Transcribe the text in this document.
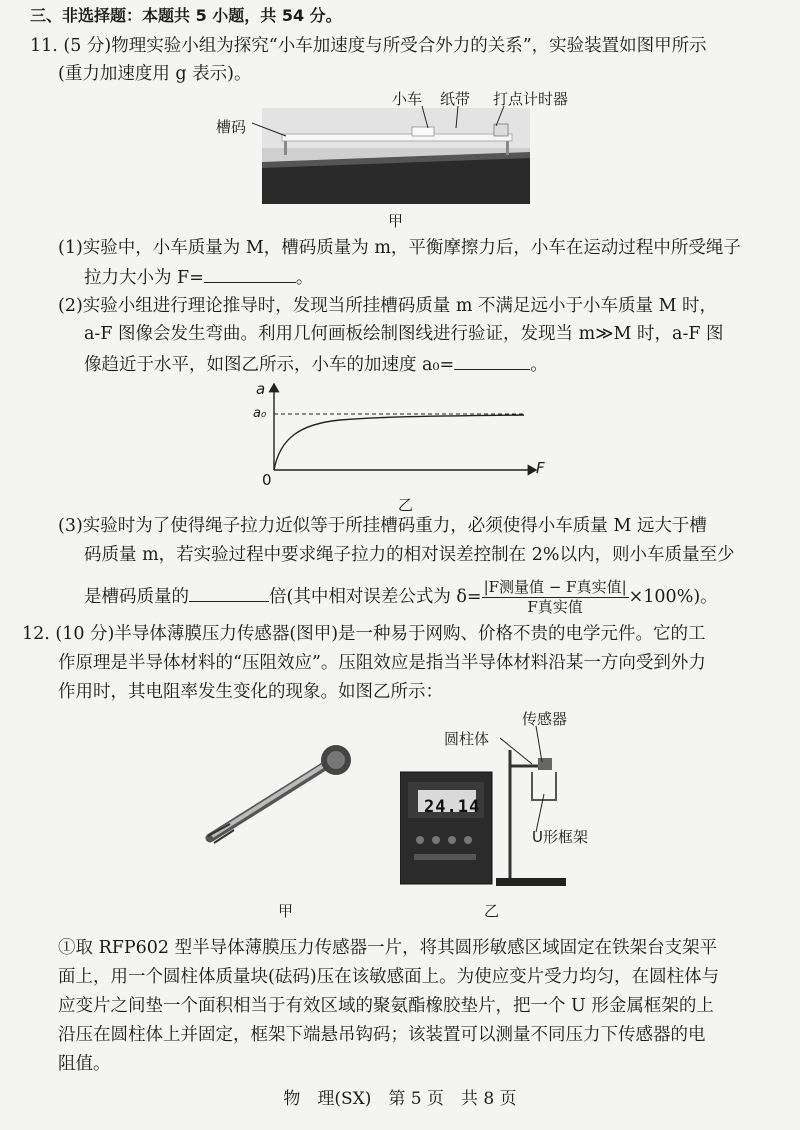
三、非选择题：本题共 5 小题，共 54 分。
11. (5 分)物理实验小组为探究“小车加速度与所受合外力的关系”，实验装置如图甲所示
(重力加速度用 g 表示)。
槽码
小车 纸带 打点计时器
甲
(1)实验中，小车质量为 M，槽码质量为 m，平衡摩擦力后，小车在运动过程中所受绳子
拉力大小为 F=	。
(2)实验小组进行理论推导时，发现当所挂槽码质量 m 不满足远小于小车质量 M 时，
a-F 图像会发生弯曲。利用几何画板绘制图线进行验证，发现当 m≫M 时，a-F 图
像趋近于水平，如图乙所示，小车的加速度 a₀=	。
a
a₀
F
0
乙
(3)实验时为了使得绳子拉力近似等于所挂槽码重力，必须使得小车质量 M 远大于槽
码质量 m，若实验过程中要求绳子拉力的相对误差控制在 2%以内，则小车质量至少
是槽码质量的	倍(其中相对误差公式为 $\delta= \frac{\text{|F测量值 − F真实值|}}{\text{F真实值}} \times 100\%$)。
12. (10 分)半导体薄膜压力传感器(图甲)是一种易于网购、价格不贵的电学元件。它的工
作原理是半导体材料的“压阻效应”。压阻效应是指当半导体材料沿某一方向受到外力
作用时，其电阻率发生变化的现象。如图乙所示：
24.14
传感器
圆柱体
U形框架
甲	乙
①取 RFP602 型半导体薄膜压力传感器一片，将其圆形敏感区域固定在铁架台支架平
面上，用一个圆柱体质量块(砝码)压在该敏感面上。为使应变片受力均匀，在圆柱体与
应变片之间垫一个面积相当于有效区域的聚氨酯橡胶垫片，把一个 U 形金属框架的上
沿压在圆柱体上并固定，框架下端悬吊钩码；该装置可以测量不同压力下传感器的电
阻值。
物　理(SX)　第 5 页　共 8 页
